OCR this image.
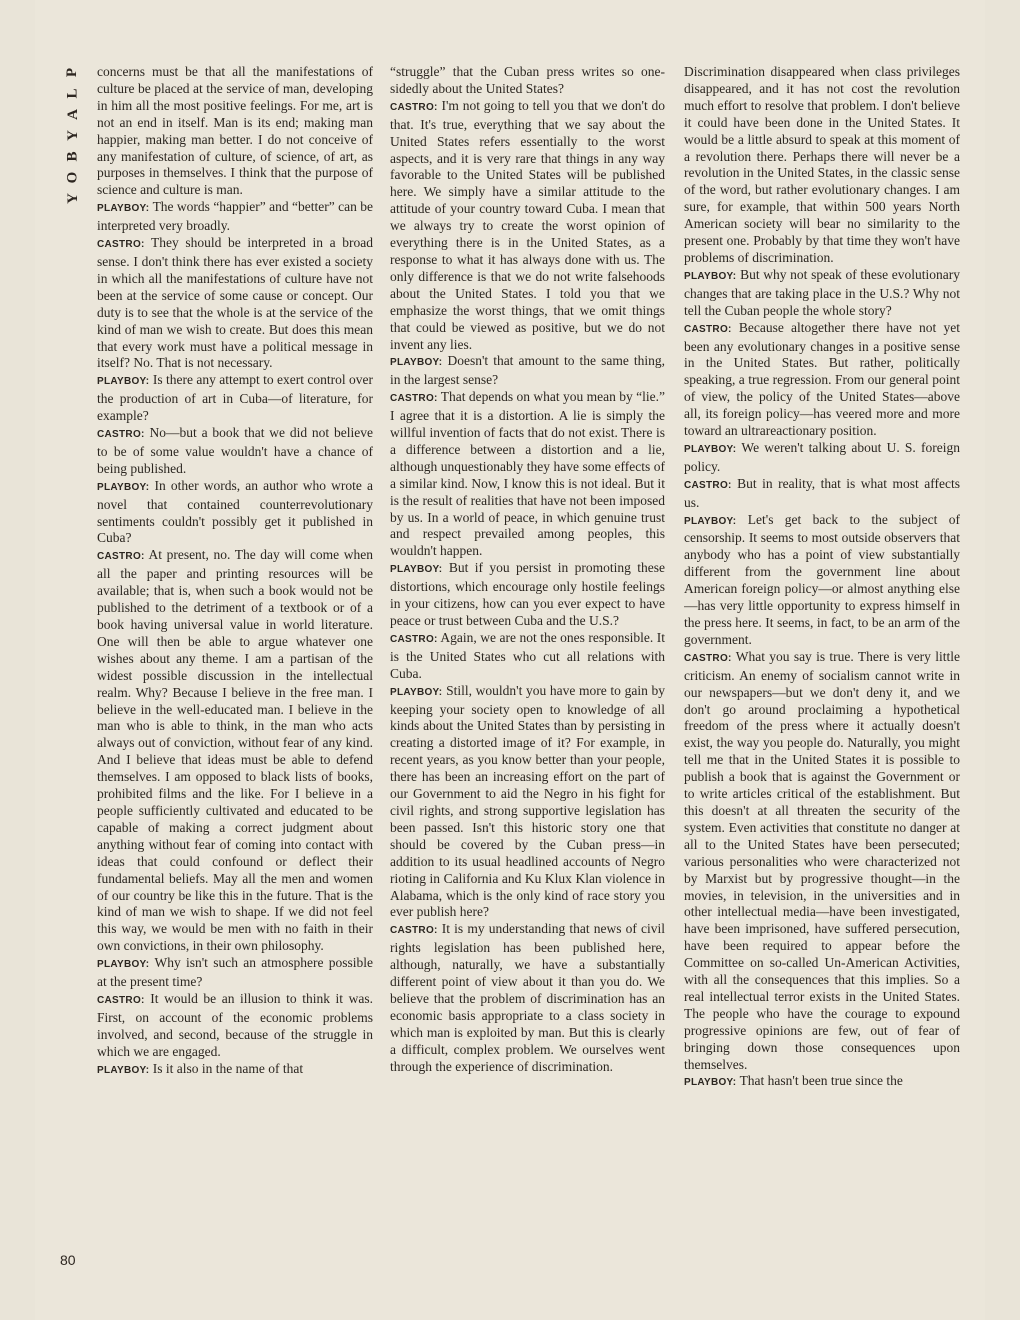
P
L
A
Y
B
O
Y

concerns must be that all the manifestations of culture be placed at the service of man, developing in him all the most positive feelings. For me, art is not an end in itself. Man is its end; making man happier, making man better. I do not conceive of any manifestation of culture, of science, of art, as purposes in themselves. I think that the purpose of science and culture is man.

PLAYBOY: The words “happier” and “better” can be interpreted very broadly.

CASTRO: They should be interpreted in a broad sense. I don't think there has ever existed a society in which all the manifestations of culture have not been at the service of some cause or concept. Our duty is to see that the whole is at the service of the kind of man we wish to create. But does this mean that every work must have a political message in itself? No. That is not necessary.

PLAYBOY: Is there any attempt to exert control over the production of art in Cuba—of literature, for example?

CASTRO: No—but a book that we did not believe to be of some value wouldn't have a chance of being published.

PLAYBOY: In other words, an author who wrote a novel that contained counterrevolutionary sentiments couldn't possibly get it published in Cuba?

CASTRO: At present, no. The day will come when all the paper and printing resources will be available; that is, when such a book would not be published to the detriment of a textbook or of a book having universal value in world literature. One will then be able to argue whatever one wishes about any theme. I am a partisan of the widest possible discussion in the intellectual realm. Why? Because I believe in the free man. I believe in the well-educated man. I believe in the man who is able to think, in the man who acts always out of conviction, without fear of any kind. And I believe that ideas must be able to defend themselves. I am opposed to black lists of books, prohibited films and the like. For I believe in a people sufficiently cultivated and educated to be capable of making a correct judgment about anything without fear of coming into contact with ideas that could confound or deflect their fundamental beliefs. May all the men and women of our country be like this in the future. That is the kind of man we wish to shape. If we did not feel this way, we would be men with no faith in their own convictions, in their own philosophy.

PLAYBOY: Why isn't such an atmosphere possible at the present time?

CASTRO: It would be an illusion to think it was. First, on account of the economic problems involved, and second, because of the struggle in which we are engaged.

PLAYBOY: Is it also in the name of that

“struggle” that the Cuban press writes so one-sidedly about the United States?

CASTRO: I'm not going to tell you that we don't do that. It's true, everything that we say about the United States refers essentially to the worst aspects, and it is very rare that things in any way favorable to the United States will be published here. We simply have a similar attitude to the attitude of your country toward Cuba. I mean that we always try to create the worst opinion of everything there is in the United States, as a response to what it has always done with us. The only difference is that we do not write falsehoods about the United States. I told you that we emphasize the worst things, that we omit things that could be viewed as positive, but we do not invent any lies.

PLAYBOY: Doesn't that amount to the same thing, in the largest sense?

CASTRO: That depends on what you mean by “lie.” I agree that it is a distortion. A lie is simply the willful invention of facts that do not exist. There is a difference between a distortion and a lie, although unquestionably they have some effects of a similar kind. Now, I know this is not ideal. But it is the result of realities that have not been imposed by us. In a world of peace, in which genuine trust and respect prevailed among peoples, this wouldn't happen.

PLAYBOY: But if you persist in promoting these distortions, which encourage only hostile feelings in your citizens, how can you ever expect to have peace or trust between Cuba and the U.S.?

CASTRO: Again, we are not the ones responsible. It is the United States who cut all relations with Cuba.

PLAYBOY: Still, wouldn't you have more to gain by keeping your society open to knowledge of all kinds about the United States than by persisting in creating a distorted image of it? For example, in recent years, as you know better than your people, there has been an increasing effort on the part of our Government to aid the Negro in his fight for civil rights, and strong supportive legislation has been passed. Isn't this historic story one that should be covered by the Cuban press—in addition to its usual headlined accounts of Negro rioting in California and Ku Klux Klan violence in Alabama, which is the only kind of race story you ever publish here?

CASTRO: It is my understanding that news of civil rights legislation has been published here, although, naturally, we have a substantially different point of view about it than you do. We believe that the problem of discrimination has an economic basis appropriate to a class society in which man is exploited by man. But this is clearly a difficult, complex problem. We ourselves went through the experience of discrimination.

Discrimination disappeared when class privileges disappeared, and it has not cost the revolution much effort to resolve that problem. I don't believe it could have been done in the United States. It would be a little absurd to speak at this moment of a revolution there. Perhaps there will never be a revolution in the United States, in the classic sense of the word, but rather evolutionary changes. I am sure, for example, that within 500 years North American society will bear no similarity to the present one. Probably by that time they won't have problems of discrimination.

PLAYBOY: But why not speak of these evolutionary changes that are taking place in the U.S.? Why not tell the Cuban people the whole story?

CASTRO: Because altogether there have not yet been any evolutionary changes in a positive sense in the United States. But rather, politically speaking, a true regression. From our general point of view, the policy of the United States—above all, its foreign policy—has veered more and more toward an ultrareactionary position.

PLAYBOY: We weren't talking about U. S. foreign policy.

CASTRO: But in reality, that is what most affects us.

PLAYBOY: Let's get back to the subject of censorship. It seems to most outside observers that anybody who has a point of view substantially different from the government line about American foreign policy—or almost anything else—has very little opportunity to express himself in the press here. It seems, in fact, to be an arm of the government.

CASTRO: What you say is true. There is very little criticism. An enemy of socialism cannot write in our newspapers—but we don't deny it, and we don't go around proclaiming a hypothetical freedom of the press where it actually doesn't exist, the way you people do. Naturally, you might tell me that in the United States it is possible to publish a book that is against the Government or to write articles critical of the establishment. But this doesn't at all threaten the security of the system. Even activities that constitute no danger at all to the United States have been persecuted; various personalities who were characterized not by Marxist but by progressive thought—in the movies, in television, in the universities and in other intellectual media—have been investigated, have been imprisoned, have suffered persecution, have been required to appear before the Committee on so-called Un-American Activities, with all the consequences that this implies. So a real intellectual terror exists in the United States. The people who have the courage to expound progressive opinions are few, out of fear of bringing down those consequences upon themselves.

PLAYBOY: That hasn't been true since the

80
